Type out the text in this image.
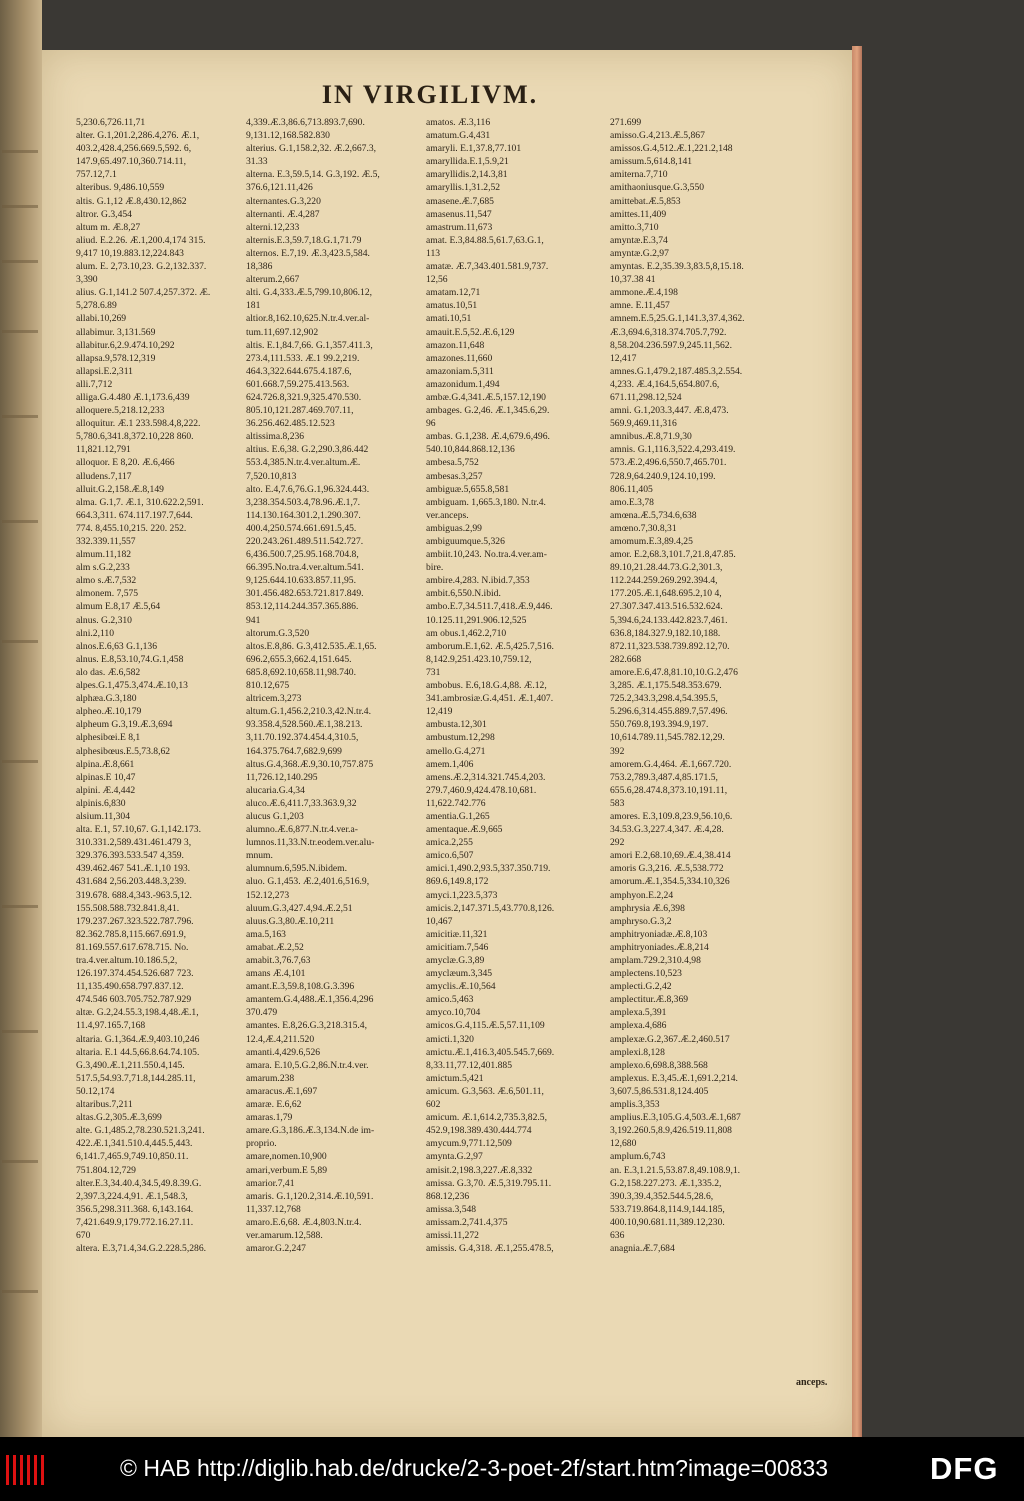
IN VIRGILIVM.
5,230.6,726.11,71
alter. G.1,201.2,286.4,276. Æ.1,
403.2,428.4,256.669.5,592. 6,
147.9,65.497.10,360.714.11,
757.12,7.1
alteribus. 9,486.10,559
altis. G.1,12 Æ.8,430.12,862
altror. G.3,454
altum m. Æ.8,27
aliud. E.2.26. Æ.1,200.4,174 315.
9,417 10,19.883.12,224.843
alum. E. 2,73.10,23. G.2,132.337.
3,390
alius. G.1,141.2 507.4,257.372. Æ.
5,278.6.89
allabi.10,269
allabimur. 3,131.569
allabitur.6,2.9.474.10,292
allapsa.9,578.12,319
allapsi.E.2,311
alli.7,712
alliga.G.4.480 Æ.1,173.6,439
alloquere.5,218.12,233
alloquitur. Æ.1 233.598.4,8,222.
5,780.6,341.8,372.10,228 860.
11,821.12,791
alloquor. E 8,20. Æ.6,466
alludens.7,117
alluit.G.2,158.Æ.8,149
alma. G.1,7. Æ.1, 310.622.2,591.
664.3,311. 674.117.197.7,644.
774. 8,455.10,215. 220. 252.
332.339.11,557
almum.11,182
alm s.G.2,233
almo s.Æ.7,532
almonem. 7,575
almum E.8,17 Æ.5,64
alnus. G.2,310
alni.2,110
alnos.E.6,63 G.1,136
alnus. E.8,53.10,74.G.1,458
alo das. Æ.6,582
alpes.G.1,475.3,474.Æ.10,13
alphæa.G.3,180
alpheo.Æ.10,179
alpheum G.3,19.Æ.3,694
alphesibœi.E 8,1
alphesibœus.E.5,73.8,62
alpina.Æ.8,661
alpinas.E 10,47
alpini. Æ.4,442
alpinis.6,830
alsium.11,304
alta. E.1, 57.10,67. G.1,142.173.
310.331.2,589.431.461.479 3,
329.376.393.533.547 4,359.
439.462.467 541.Æ.1,10 193.
431.684 2,56.203.448.3,239.
319.678. 688.4,343.-963.5,12.
155.508.588.732.841.8,41.
179.237.267.323.522.787.796.
82.362.785.8,115.667.691.9,
81.169.557.617.678.715. No.
tra.4.ver.altum.10.186.5,2,
126.197.374.454.526.687 723.
11,135.490.658.797.837.12.
474.546 603.705.752.787.929
altæ. G.2,24.55.3,198.4,48.Æ.1,
11.4,97.165.7,168
altaria. G.1,364.Æ.9,403.10,246
altaria. E.1 44.5,66.8.64.74.105.
G.3,490.Æ.1,211.550.4,145.
517.5,54.93.7,71.8,144.285.11,
50.12,174
altaribus.7,211
altas.G.2,305.Æ.3,699
alte. G.1,485.2,78.230.521.3,241.
422.Æ.1,341.510.4,445.5,443.
6,141.7,465.9,749.10,850.11.
751.804.12,729
alter.E.3,34.40.4,34.5,49.8.39.G.
2,397.3,224.4,91. Æ.1,548.3,
356.5,298.311.368. 6,143.164.
7,421.649.9,179.772.16.27.11.
670
altera. E.3,71.4,34.G.2.228.5,286.
4,339.Æ.3,86.6,713.893.7,690.
9,131.12,168.582.830
alterius. G.1,158.2,32. Æ.2,667.3,
31.33
alterna. E.3,59.5,14. G.3,192. Æ.5,
376.6,121.11,426
alternantes.G.3,220
alternanti. Æ.4,287
alterni.12,233
alternis.E.3,59.7,18.G.1,71.79
alternos. E.7,19. Æ.3,423.5,584.
18,386
alterum.2,667
alti. G.4,333.Æ.5,799.10,806.12,
181
altior.8,162.10,625.N.tr.4.ver.al-
tum.11,697.12,902
altis. E.1,84.7,66. G.1,357.411.3,
273.4,111.533. Æ.1 99.2,219.
464.3,322.644.675.4.187.6,
601.668.7,59.275.413.563.
624.726.8,321.9,325.470.530.
805.10,121.287.469.707.11,
36.256.462.485.12.523
altissima.8,236
altius. E.6,38. G.2,290.3,86.442
553.4,385.N.tr.4.ver.altum.Æ.
7,520.10,813
alto. E.4,7.6,76.G.1,96.324.443.
3,238.354.503.4,78.96.Æ.1,7.
114.130.164.301.2,1.290.307.
400.4,250.574.661.691.5,45.
220.243.261.489.511.542.727.
6,436.500.7,25.95.168.704.8,
66.395.No.tra.4.ver.altum.541.
9,125.644.10.633.857.11,95.
301.456.482.653.721.817.849.
853.12,114.244.357.365.886.
941
altorum.G.3,520
altos.E.8,86. G.3,412.535.Æ.1,65.
696.2,655.3,662.4,151.645.
685.8,692.10,658.11,98.740.
810.12,675
altricem.3,273
altum.G.1,456.2,210.3,42.N.tr.4.
93.358.4,528.560.Æ.1,38.213.
3,11.70.192.374.454.4,310.5,
164.375.764.7,682.9,699
altus.G.4,368.Æ.9,30.10,757.875
11,726.12,140.295
alucaria.G.4,34
aluco.Æ.6,411.7,33.363.9,32
alucus G.1,203
alumno.Æ.6,877.N.tr.4.ver.a-
lumnos.11,33.N.tr.eodem.ver.alu-
mnum.
alumnum.6,595.N.ibidem.
aluo. G.1,453. Æ.2,401.6,516.9,
152.12,273
aluum.G.3,427.4,94.Æ.2,51
aluus.G.3,80.Æ.10,211
ama.5,163
amabat.Æ.2,52
amabit.3,76.7,63
amans Æ.4,101
amant.E.3,59.8,108.G.3.396
amantem.G.4,488.Æ.1,356.4,296
370.479
amantes. E.8,26.G.3,218.315.4,
12.4,Æ.4,211.520
amanti.4,429.6,526
amara. E.10,5.G.2,86.N.tr.4.ver.
amarum.238
amaracus.Æ.1,697
amaræ. E.6,62
amaras.1,79
amare.G.3,186.Æ.3,134.N.de im-
proprio.
amare,nomen.10,900
amari,verbum.E 5,89
amarior.7,41
amaris. G.1,120.2,314.Æ.10,591.
11,337.12,768
amaro.E.6,68. Æ.4,803.N.tr.4.
ver.amarum.12,588.
amaror.G.2,247
amatos. Æ.3,116
amatum.G.4,431
amaryli. E.1,37.8,77.101
amaryllida.E.1,5.9,21
amaryllidis.2,14.3,81
amaryllis.1,31.2,52
amasene.Æ.7,685
amasenus.11,547
amastrum.11,673
amat. E.3,84.88.5,61.7,63.G.1,
113
amatæ. Æ.7,343.401.581.9,737.
12,56
amatam.12,71
amatus.10,51
amati.10,51
amauit.E.5,52.Æ.6,129
amazon.11,648
amazones.11,660
amazoniam.5,311
amazonidum.1,494
ambæ.G.4,341.Æ.5,157.12,190
ambages. G.2,46. Æ.1,345.6,29.
96
ambas. G.1,238. Æ.4,679.6,496.
540.10,844.868.12,136
ambesa.5,752
ambesas.3,257
ambiguæ.5,655.8,581
ambiguam. 1,665.3,180. N.tr.4.
ver.anceps.
ambiguas.2,99
ambiguumque.5,326
ambiit.10,243. No.tra.4.ver.am-
bire.
ambire.4,283. N.ibid.7,353
ambit.6,550.N.ibid.
ambo.E.7,34.511.7,418.Æ.9,446.
10.125.11,291.906.12,525
am obus.1,462.2,710
amborum.E.1,62. Æ.5,425.7,516.
8,142.9,251.423.10,759.12,
731
ambobus. E.6,18.G.4,88. Æ.12,
341.ambrosiæ.G.4,451. Æ.1,407.
12,419
ambusta.12,301
ambustum.12,298
amello.G.4,271
amem.1,406
amens.Æ.2,314.321.745.4,203.
279.7,460.9,424.478.10,681.
11,622.742.776
amentia.G.1,265
amentaque.Æ.9,665
amica.2,255
amico.6,507
amici.1,490.2,93.5,337.350.719.
869.6,149.8,172
amyci.1,223.5,373
amicis.2,147.371.5,43.770.8,126.
10,467
amicitiæ.11,321
amicitiam.7,546
amyclæ.G.3,89
amyclæum.3,345
amyclis.Æ.10,564
amico.5,463
amyco.10,704
amicos.G.4,115.Æ.5,57.11,109
amicti.1,320
amictu.Æ.1,416.3,405.545.7,669.
8,33.11,77.12,401.885
amictum.5,421
amicum. G.3,563. Æ.6,501.11,
602
amicum. Æ.1,614.2,735.3,82.5,
452.9,198.389.430.444.774
amycum.9,771.12,509
amynta.G.2,97
amisit.2,198.3,227.Æ.8,332
amissa. G.3,70. Æ.5,319.795.11.
868.12,236
amissa.3,548
amissam.2,741.4,375
amissi.11,272
amissis. G.4,318. Æ.1,255.478.5,
271.699
amisso.G.4,213.Æ.5,867
amissos.G.4,512.Æ.1,221.2,148
amissum.5,614.8,141
amiterna.7,710
amithaoniusque.G.3,550
amittebat.Æ.5,853
amittes.11,409
amitto.3,710
amyntæ.E.3,74
amyntæ.G.2,97
amyntas. E.2,35.39.3,83.5,8,15.18.
10,37.38 41
ammone.Æ.4,198
amne. E.11,457
amnem.E.5,25.G.1,141.3,37.4,362.
Æ.3,694.6,318.374.705.7,792.
8,58.204.236.597.9,245.11,562.
12,417
amnes.G.1,479.2,187.485.3,2.554.
4,233. Æ.4,164.5,654.807.6,
671.11,298.12,524
amni. G.1,203.3,447. Æ.8,473.
569.9,469.11,316
amnibus.Æ.8,71.9,30
amnis. G.1,116.3,522.4,293.419.
573.Æ.2,496.6,550.7,465.701.
728.9,64.240.9,124.10,199.
806.11,405
amo.E.3,78
amœna.Æ.5,734.6,638
amœno.7,30.8,31
amomum.E.3,89.4,25
amor. E.2,68.3,101.7,21.8,47.85.
89.10,21.28.44.73.G.2,301.3,
112.244.259.269.292.394.4,
177.205.Æ.1,648.695.2,10 4,
27.307.347.413.516.532.624.
5,394.6,24.133.442.823.7,461.
636.8,184.327.9,182.10,188.
872.11,323.538.739.892.12,70.
282.668
amore.E.6,47.8,81.10,10.G.2,476
3,285. Æ.1,175.548.353.679.
725.2,343.3,298.4,54.395.5,
5.296.6,314.455.889.7,57.496.
550.769.8,193.394.9,197.
10,614.789.11,545.782.12,29.
392
amorem.G.4,464. Æ.1,667.720.
753.2,789.3,487.4,85.171.5,
655.6,28.474.8,373.10,191.11,
583
amores. E.3,109.8,23.9,56.10,6.
34.53.G.3,227.4,347. Æ.4,28.
292
amori E.2,68.10,69.Æ.4,38.414
amoris G.3,216. Æ.5,538.772
amorum.Æ.1,354.5,334.10,326
amphyon.E.2,24
amphrysia Æ.6,398
amphryso.G.3,2
amphitryoniadæ.Æ.8,103
amphitryoniades.Æ.8,214
amplam.729.2,310.4,98
amplectens.10,523
amplecti.G.2,42
amplectitur.Æ.8,369
amplexa.5,391
amplexa.4,686
amplexæ.G.2,367.Æ.2,460.517
amplexi.8,128
amplexo.6,698.8,388.568
amplexus. E.3,45.Æ.1,691.2,214.
3,607.5,86.531.8,124.405
amplis.3,353
amplius.E.3,105.G.4,503.Æ.1,687
3,192.260.5,8.9,426.519.11,808
12,680
amplum.6,743
an. E.3,1.21.5,53.87.8,49.108.9,1.
G.2,158.227.273. Æ.1,335.2,
390.3,39.4,352.544.5,28.6,
533.719.864.8,114.9,144.185,
400.10,90.681.11,389.12,230.
636
anagnia.Æ.7,684
anceps.
© HAB http://diglib.hab.de/drucke/2-3-poet-2f/start.htm?image=00833	DFG
